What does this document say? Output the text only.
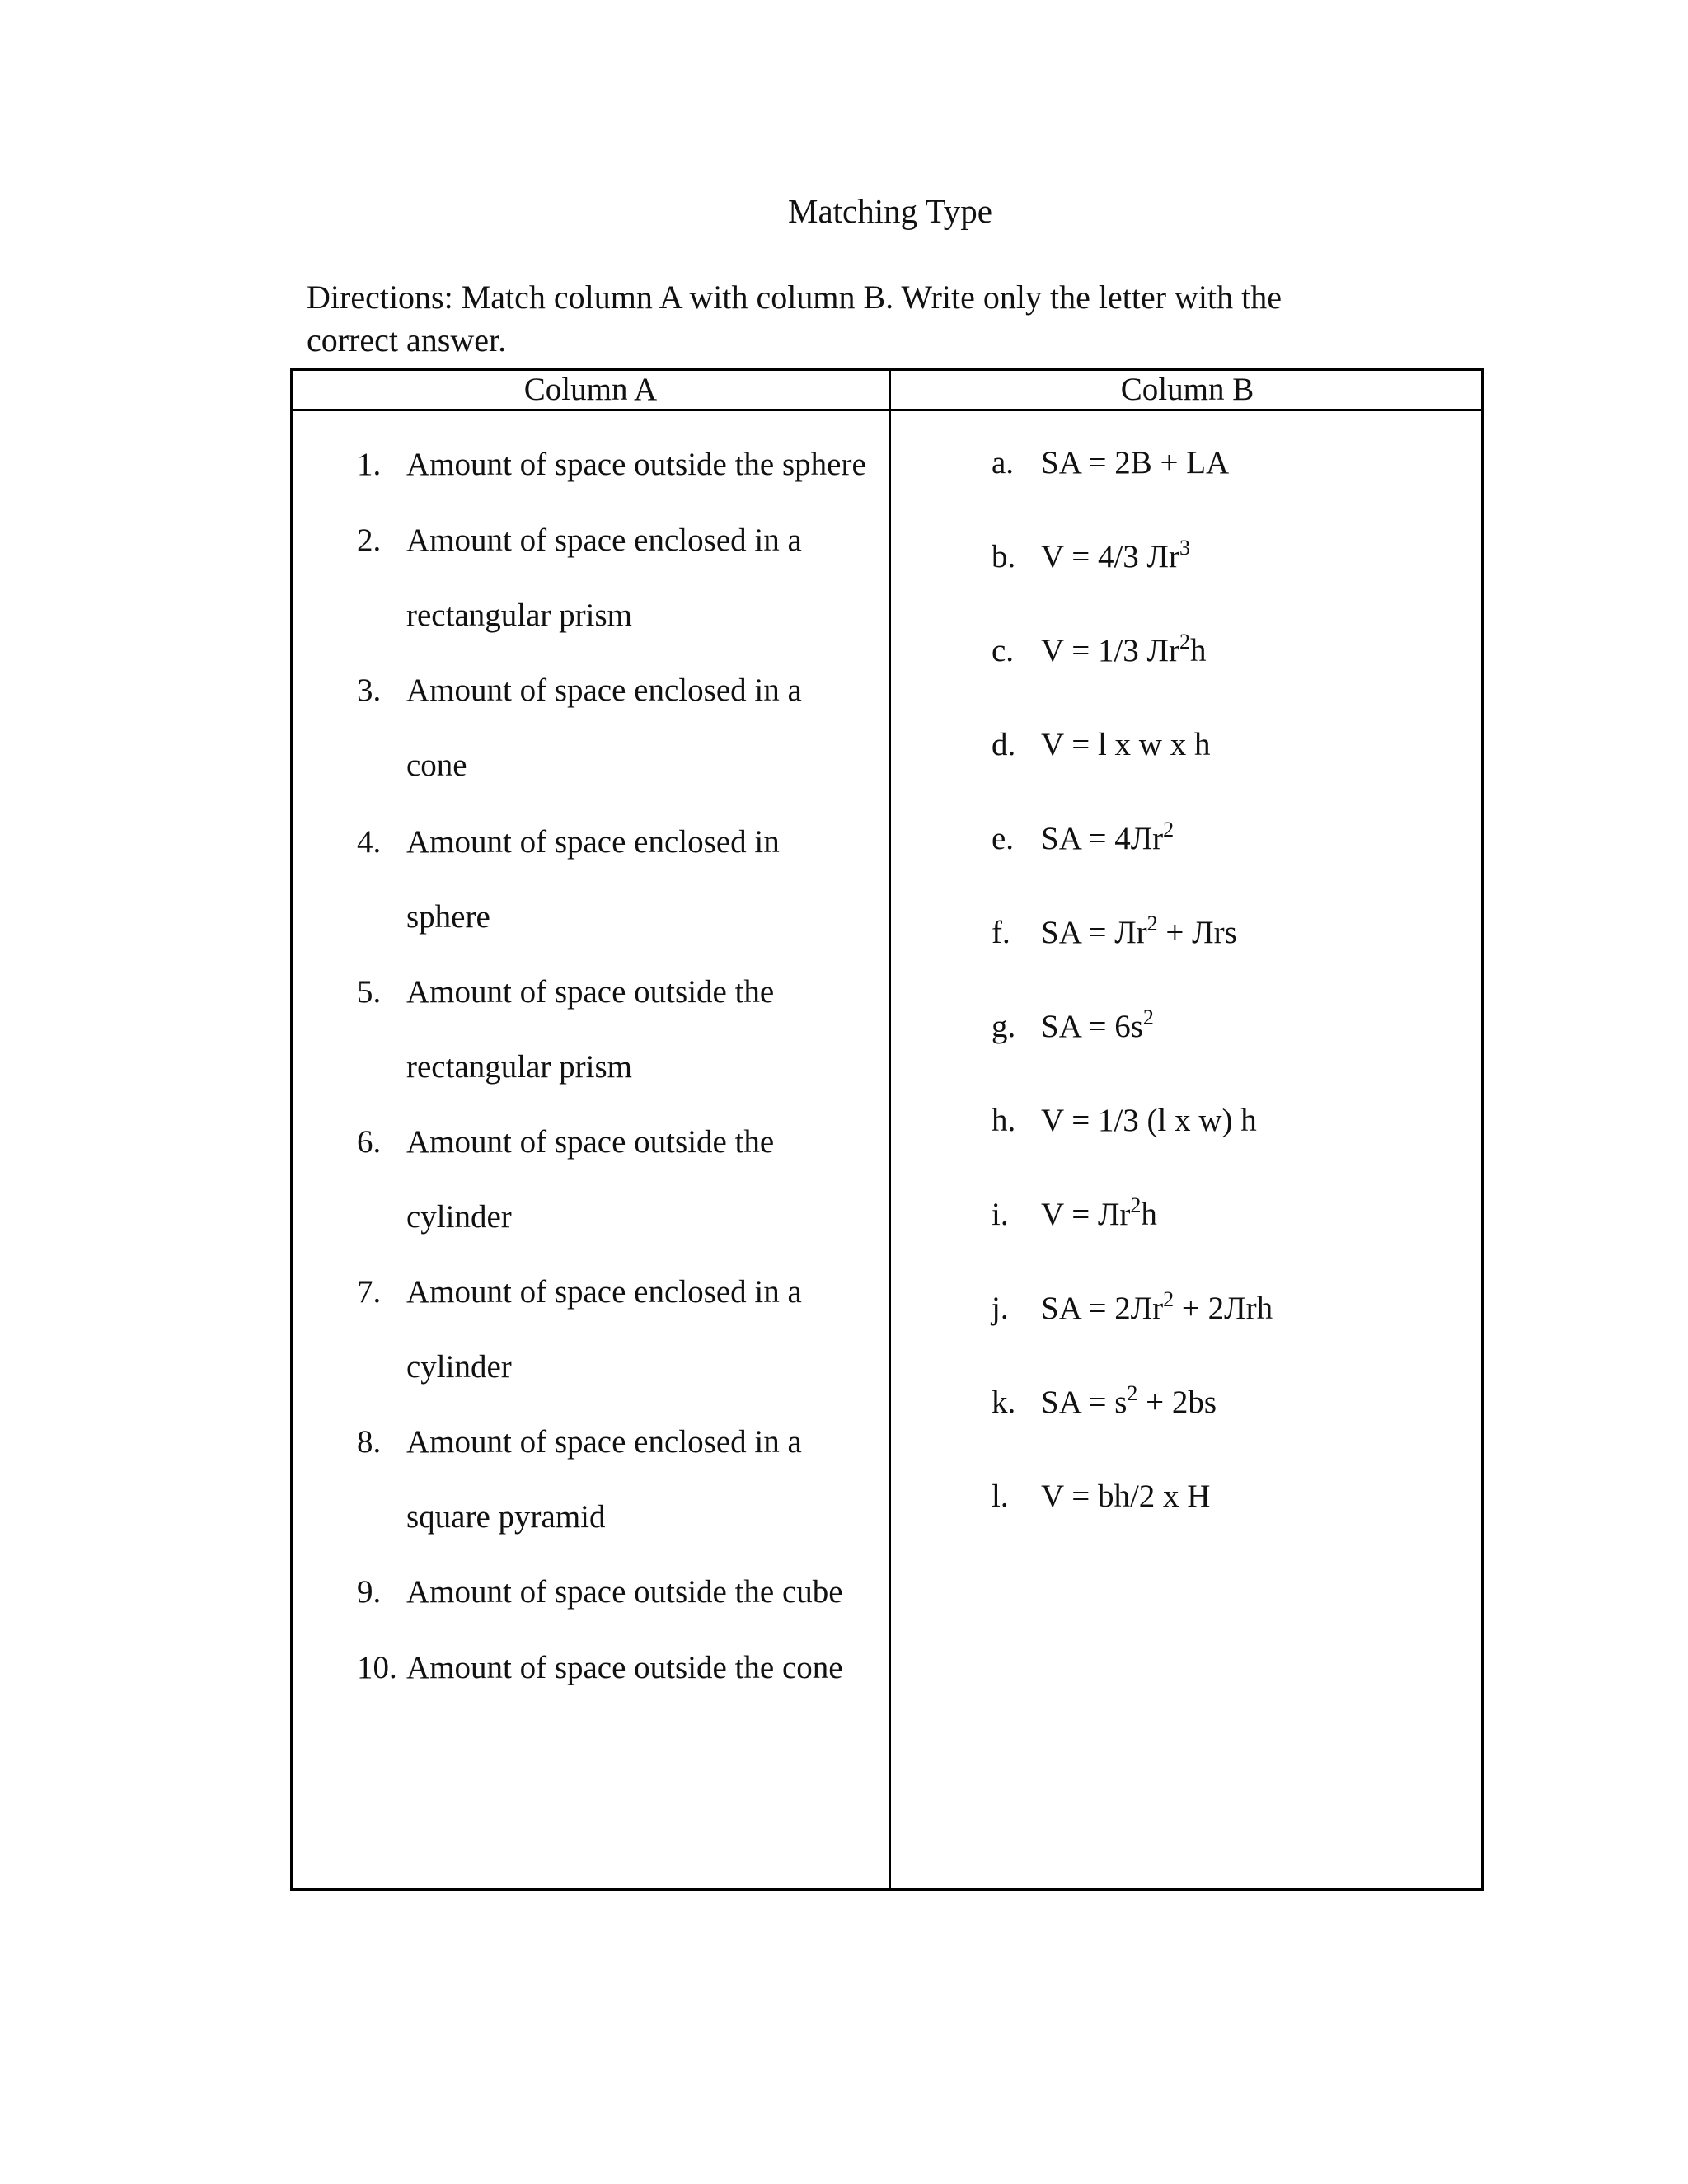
Matching Type
Directions: Match column A with column B. Write only the letter with the correct answer.
Column A	Column B
1. Amount of space outside the sphere
2. Amount of space enclosed in a
rectangular prism
3. Amount of space enclosed in a
cone
4. Amount of space enclosed in
sphere
5. Amount of space outside the
rectangular prism
6. Amount of space outside the
cylinder
7. Amount of space enclosed in a
cylinder
8. Amount of space enclosed in a
square pyramid
9. Amount of space outside the cube
10. Amount of space outside the cone
a. SA = 2B + LA
b. V = 4/3 $Лr^3$
c. V = 1/3 $Лr^2h$
d. V = l x w x h
e. SA = $4Лr^2$
f. SA = $Лr^2$ + Лrs
g. SA = $6s^2$
h. V = 1/3 (l x w) h
i. $V = Лr^2h$
j. SA = $2Лr^2 + 2Лrh$
k. SA = $s^2 + 2bs$
l. V = bh/2 x H
